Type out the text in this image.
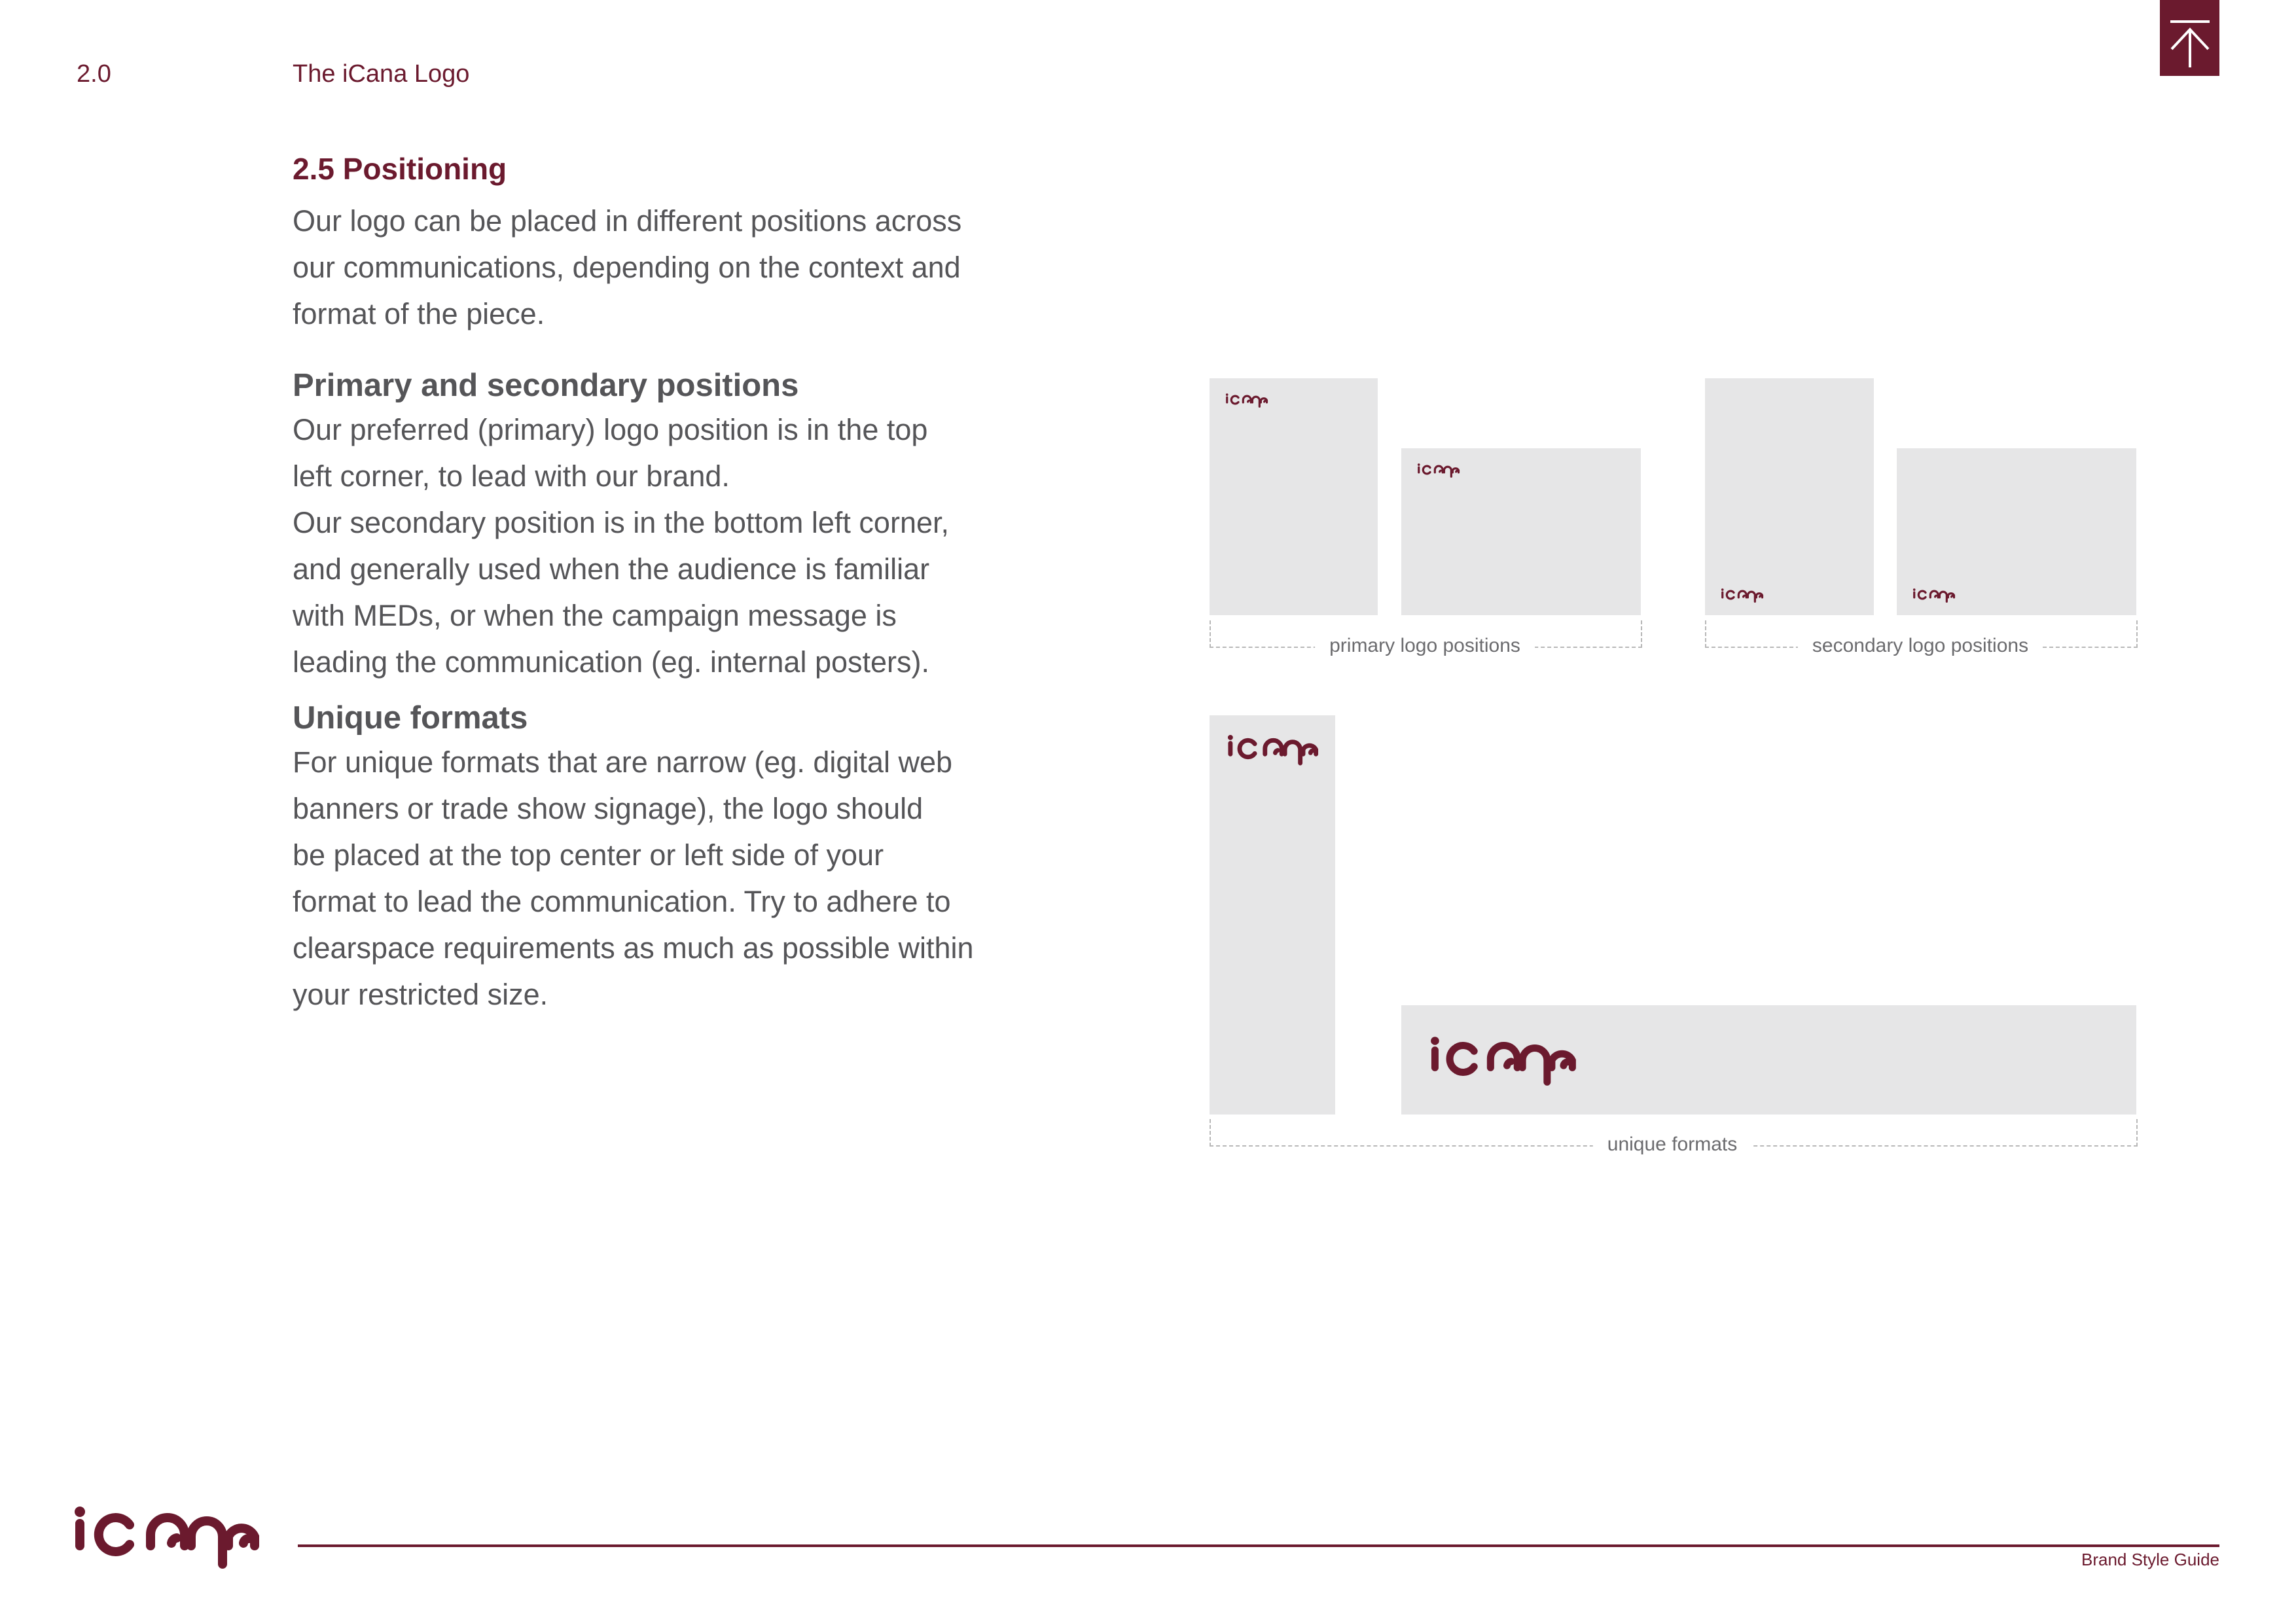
2.0	The iCana Logo
2.5 Positioning

Our logo can be placed in different positions across

our communications, depending on the context and

format of the piece.

Primary and secondary positions

Our preferred (primary) logo position is in the top

left corner, to lead with our brand.

Our secondary position is in the bottom left corner,

and generally used when the audience is familiar

with MEDs, or when the campaign message is

leading the communication (eg. internal posters).

Unique formats

For unique formats that are narrow (eg. digital web

banners or trade show signage), the logo should

be placed at the top center or left side of your

format to lead the communication. Try to adhere to

clearspace requirements as much as possible within

your restricted size.

primary logo positions	secondary logo positions
unique formats
Brand Style Guide
